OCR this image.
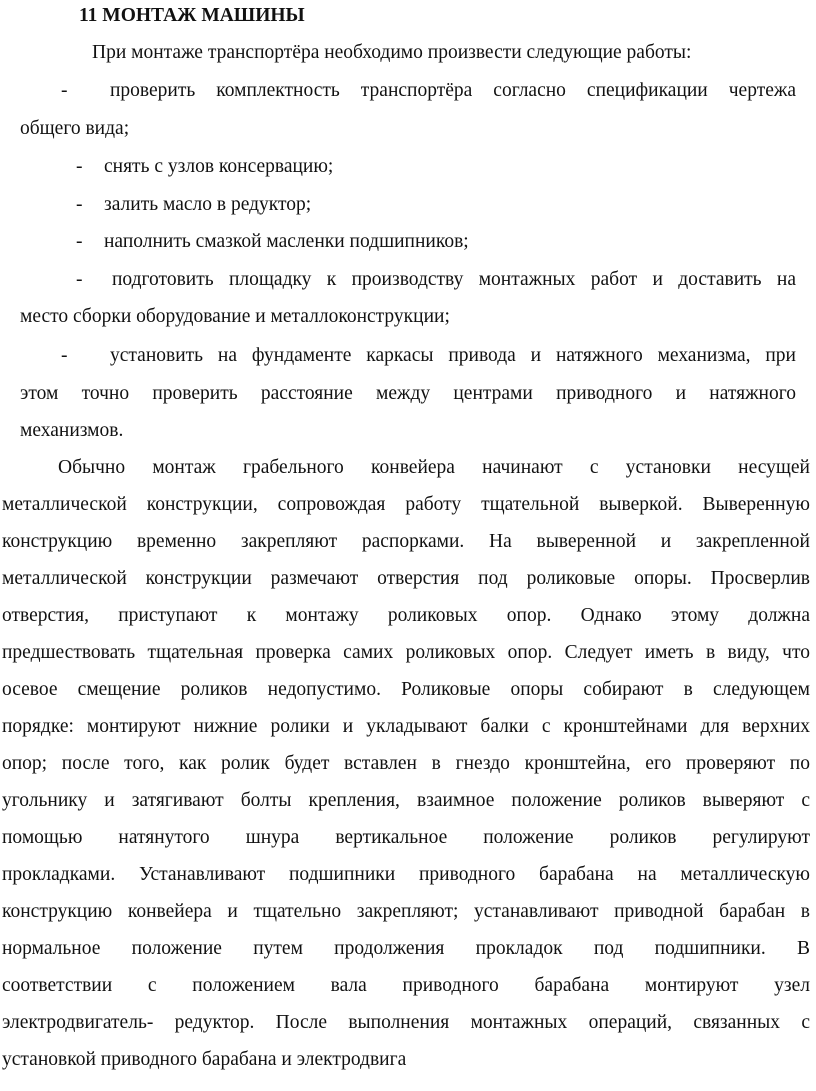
11 МОНТАЖ МАШИНЫ
При монтаже транспортёра необходимо произвести следующие работы:
- проверить комплектность транспортёра согласно спецификации чертежа
общего вида;
- снять с узлов консервацию;
- залить масло в редуктор;
- наполнить смазкой масленки подшипников;
- подготовить площадку к производству монтажных работ и доставить на
место сборки оборудование и металлоконструкции;
- установить на фундаменте каркасы привода и натяжного механизма, при
этом точно проверить расстояние между центрами приводного и натяжного
механизмов.
Обычно монтаж грабельного конвейера начинают с установки несущей
металлической конструкции, сопровождая работу тщательной выверкой. Выверенную
конструкцию временно закрепляют распорками. На выверенной и закрепленной
металлической конструкции размечают отверстия под роликовые опоры. Просверлив
отверстия, приступают к монтажу роликовых опор. Однако этому должна
предшествовать тщательная проверка самих роликовых опор. Следует иметь в виду, что
осевое смещение роликов недопустимо. Роликовые опоры собирают в следующем
порядке: монтируют нижние ролики и укладывают балки с кронштейнами для верхних
опор; после того, как ролик будет вставлен в гнездо кронштейна, его проверяют по
угольнику и затягивают болты крепления, взаимное положение роликов выверяют с
помощью натянутого шнура вертикальное положение роликов регулируют
прокладками. Устанавливают подшипники приводного барабана на металлическую
конструкцию конвейера и тщательно закрепляют; устанавливают приводной барабан в
нормальное положение путем продолжения прокладок под подшипники. В
соответствии с положением вала приводного барабана монтируют узел
электродвигатель- редуктор. После выполнения монтажных операций, связанных с
установкой приводного барабана и электродвига
